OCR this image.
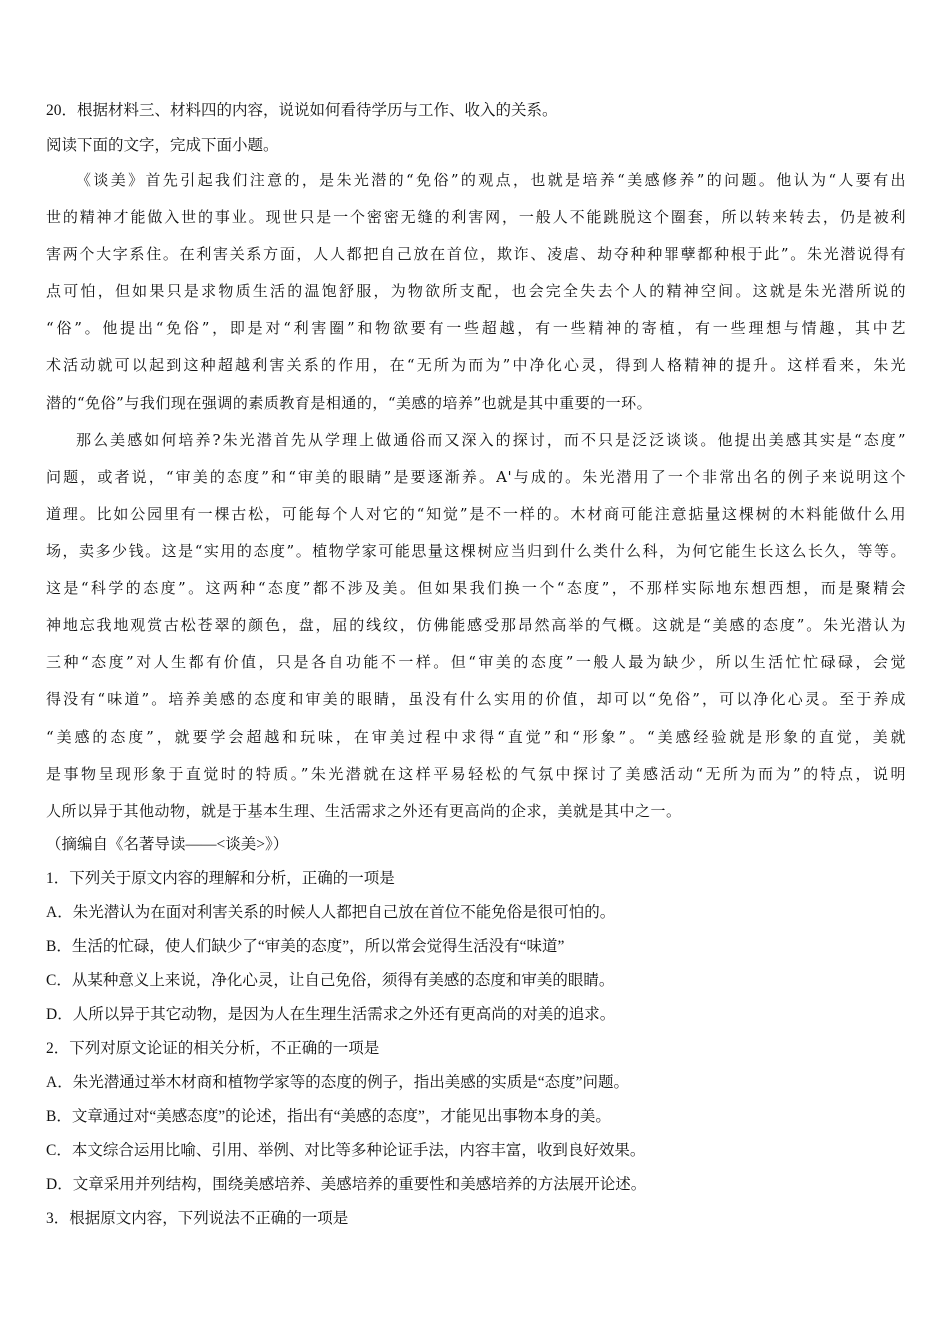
20．根据材料三、材料四的内容，说说如何看待学历与工作、收入的关系。
阅读下面的文字，完成下面小题。
《谈美》首先引起我们注意的，是朱光潜的“免俗”的观点，也就是培养“美感修养”的问题。他认为“人要有出
世的精神才能做入世的事业。现世只是一个密密无缝的利害网，一般人不能跳脱这个圈套，所以转来转去，仍是被利
害两个大字系住。在利害关系方面，人人都把自己放在首位，欺诈、凌虐、劫夺种种罪孽都种根于此”。朱光潜说得有
点可怕，但如果只是求物质生活的温饱舒服，为物欲所支配，也会完全失去个人的精神空间。这就是朱光潜所说的
“俗”。他提出“免俗”，即是对“利害圈”和物欲要有一些超越，有一些精神的寄植，有一些理想与情趣，其中艺
术活动就可以起到这种超越利害关系的作用，在“无所为而为”中净化心灵，得到人格精神的提升。这样看来，朱光
潜的“免俗”与我们现在强调的素质教育是相通的，“美感的培养”也就是其中重要的一环。
那么美感如何培养?朱光潜首先从学理上做通俗而又深入的探讨，而不只是泛泛谈谈。他提出美感其实是“态度”
问题，或者说，“审美的态度”和“审美的眼睛”是要逐渐养。A'与成的。朱光潜用了一个非常出名的例子来说明这个
道理。比如公园里有一棵古松，可能每个人对它的“知觉”是不一样的。木材商可能注意掂量这棵树的木料能做什么用
场，卖多少钱。这是“实用的态度”。植物学家可能思量这棵树应当归到什么类什么科，为何它能生长这么长久，等等。
这是“科学的态度”。这两种“态度”都不涉及美。但如果我们换一个“态度”，不那样实际地东想西想，而是聚精会
神地忘我地观赏古松苍翠的颜色，盘，屈的线纹，仿佛能感受那昂然高举的气概。这就是“美感的态度”。朱光潜认为
三种“态度”对人生都有价值，只是各自功能不一样。但“审美的态度”一般人最为缺少，所以生活忙忙碌碌，会觉
得没有“味道”。培养美感的态度和审美的眼睛，虽没有什么实用的价值，却可以“免俗”，可以净化心灵。至于养成
“美感的态度”，就要学会超越和玩味，在审美过程中求得“直觉”和“形象”。“美感经验就是形象的直觉，美就
是事物呈现形象于直觉时的特质。”朱光潜就在这样平易轻松的气氛中探讨了美感活动“无所为而为”的特点，说明
人所以异于其他动物，就是于基本生理、生活需求之外还有更高尚的企求，美就是其中之一。
（摘编自《名著导读——<谈美>》）
1．下列关于原文内容的理解和分析，正确的一项是
A．朱光潜认为在面对利害关系的时候人人都把自己放在首位不能免俗是很可怕的。
B．生活的忙碌，使人们缺少了“审美的态度”，所以常会觉得生活没有“味道”
C．从某种意义上来说，净化心灵，让自己免俗，须得有美感的态度和审美的眼睛。
D．人所以异于其它动物，是因为人在生理生活需求之外还有更高尚的对美的追求。
2．下列对原文论证的相关分析，不正确的一项是
A．朱光潜通过举木材商和植物学家等的态度的例子，指出美感的实质是“态度”问题。
B．文章通过对“美感态度”的论述，指出有“美感的态度”，才能见出事物本身的美。
C．本文综合运用比喻、引用、举例、对比等多种论证手法，内容丰富，收到良好效果。
D．文章采用并列结构，围绕美感培养、美感培养的重要性和美感培养的方法展开论述。
3．根据原文内容，下列说法不正确的一项是
